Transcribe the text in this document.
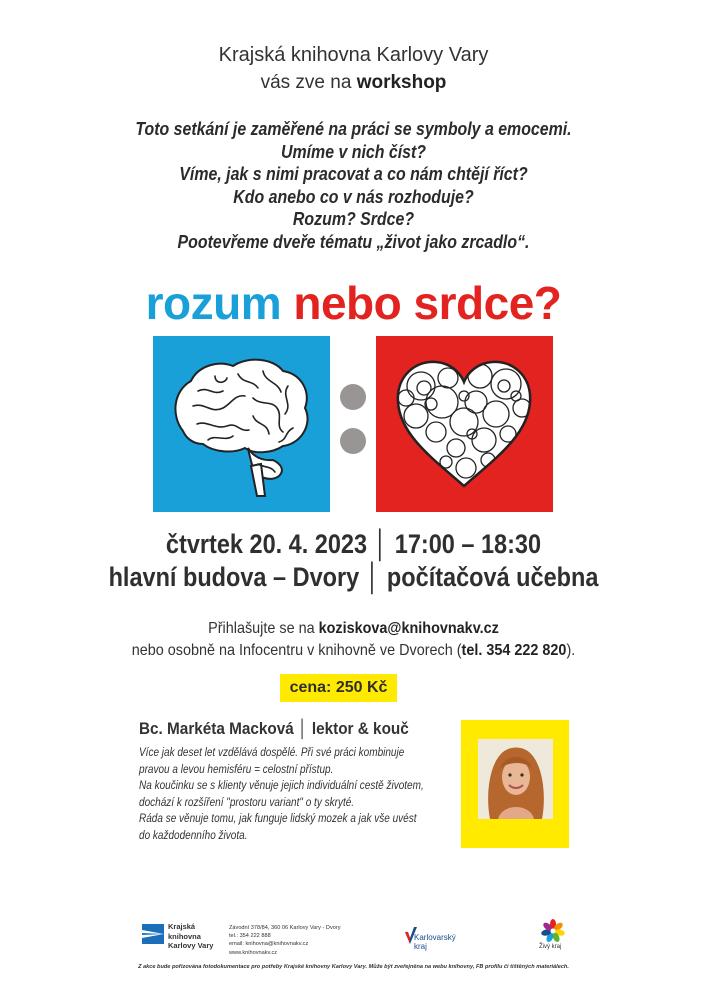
Krajská knihovna Karlovy Vary
vás zve na workshop
Toto setkání je zaměřené na práci se symboly a emocemi.
Umíme v nich číst?
Víme, jak s nimi pracovat a co nám chtějí říct?
Kdo anebo co v nás rozhoduje?
Rozum? Srdce?
Pootevřeme dveře tématu „život jako zrcadlo“.
rozum nebo srdce?
čtvrtek 20. 4. 2023 │ 17:00 – 18:30
hlavní budova – Dvory │ počítačová učebna
Přihlašujte se na koziskova@knihovnakv.cz
nebo osobně na Infocentru v knihovně ve Dvorech (tel. 354 222 820).
cena: 250 Kč
Bc. Markéta Macková │ lektor & kouč
Více jak deset let vzdělává dospělé. Při své práci kombinuje
pravou a levou hemisféru = celostní přístup.
Na koučinku se s klienty věnuje jejich individuální cestě životem,
dochází k rozšíření "prostoru variant" o ty skryté.
Ráda se věnuje tomu, jak funguje lidský mozek a jak vše uvést
do každodenního života.
Krajská
knihovna
Karlovy Vary
Závodní 378/84, 360 06 Karlovy Vary - Dvory
tel.: 354 222 888
email: knihovna@knihovnakv.cz
www.knihovnakv.cz
Karlovarský
kraj	Živý kraj
Z akce bude pořizována fotodokumentace pro potřeby Krajské knihovny Karlovy Vary. Může být zveřejněna na webu knihovny, FB profilu či tištěných materiálech.
